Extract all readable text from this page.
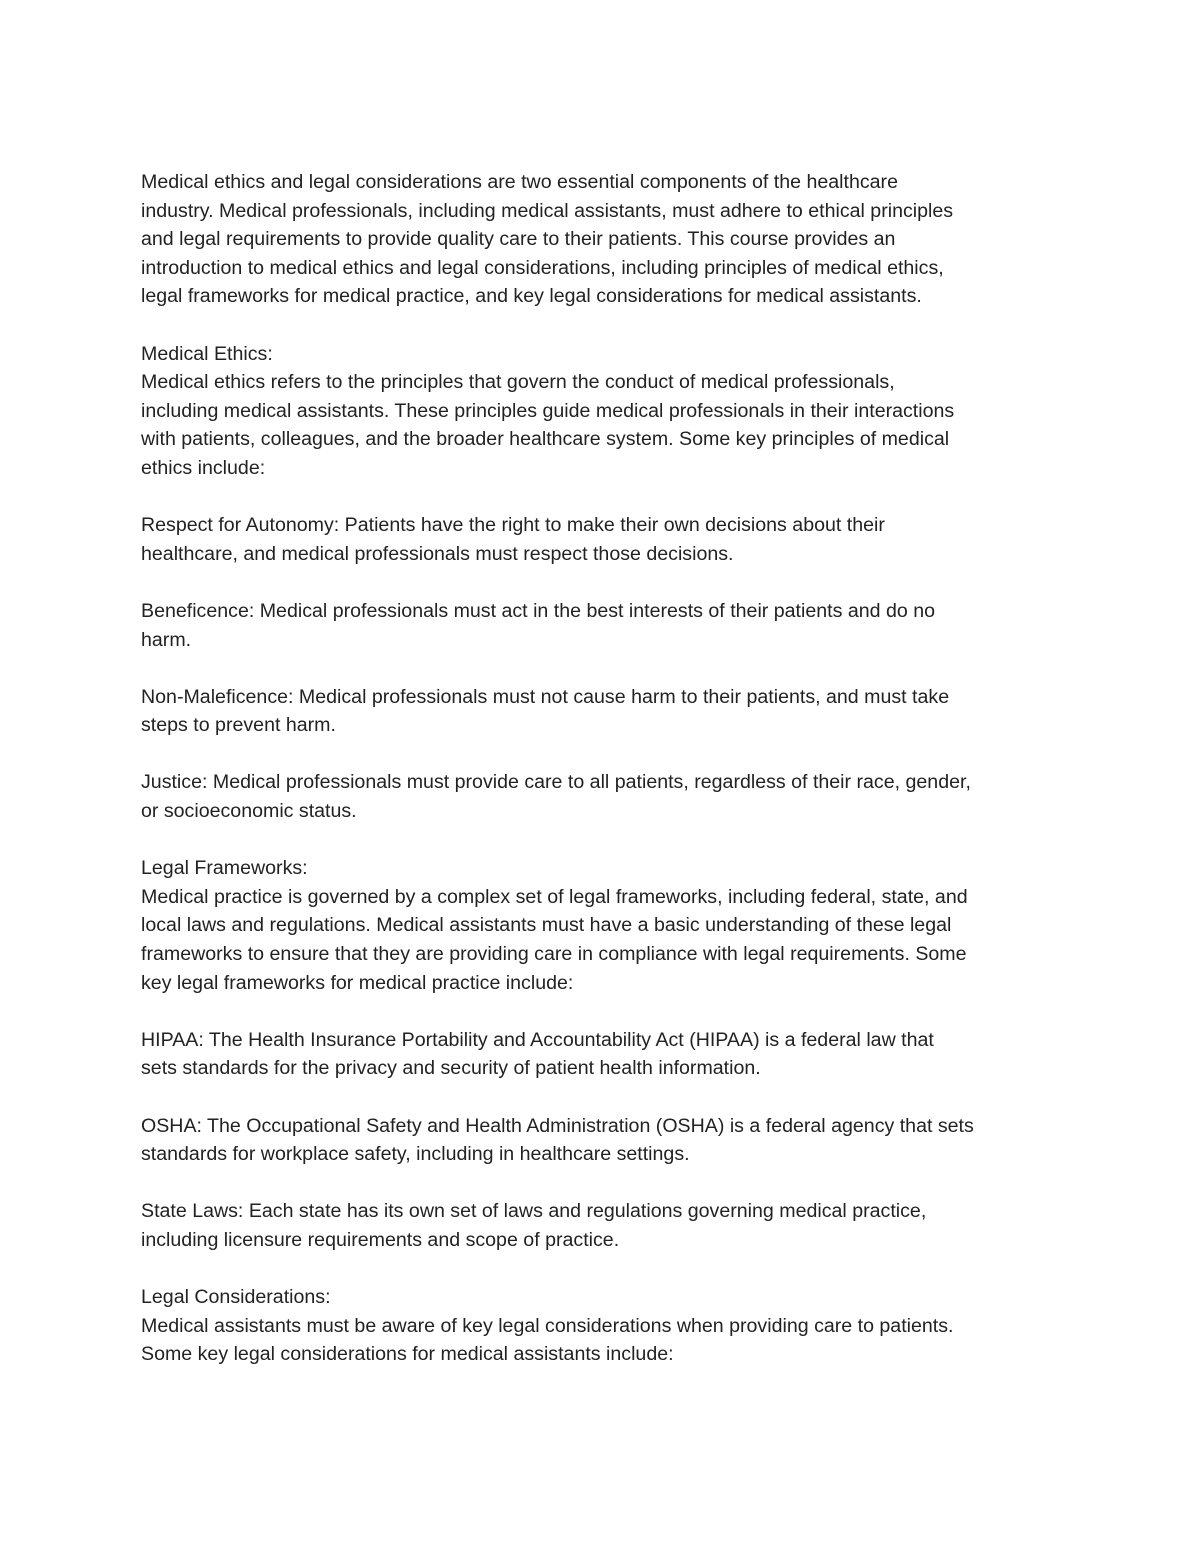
Medical ethics and legal considerations are two essential components of the healthcare
industry. Medical professionals, including medical assistants, must adhere to ethical principles
and legal requirements to provide quality care to their patients. This course provides an
introduction to medical ethics and legal considerations, including principles of medical ethics,
legal frameworks for medical practice, and key legal considerations for medical assistants.
Medical Ethics:
Medical ethics refers to the principles that govern the conduct of medical professionals,
including medical assistants. These principles guide medical professionals in their interactions
with patients, colleagues, and the broader healthcare system. Some key principles of medical
ethics include:
Respect for Autonomy: Patients have the right to make their own decisions about their
healthcare, and medical professionals must respect those decisions.
Beneficence: Medical professionals must act in the best interests of their patients and do no
harm.
Non-Maleficence: Medical professionals must not cause harm to their patients, and must take
steps to prevent harm.
Justice: Medical professionals must provide care to all patients, regardless of their race, gender,
or socioeconomic status.
Legal Frameworks:
Medical practice is governed by a complex set of legal frameworks, including federal, state, and
local laws and regulations. Medical assistants must have a basic understanding of these legal
frameworks to ensure that they are providing care in compliance with legal requirements. Some
key legal frameworks for medical practice include:
HIPAA: The Health Insurance Portability and Accountability Act (HIPAA) is a federal law that
sets standards for the privacy and security of patient health information.
OSHA: The Occupational Safety and Health Administration (OSHA) is a federal agency that sets
standards for workplace safety, including in healthcare settings.
State Laws: Each state has its own set of laws and regulations governing medical practice,
including licensure requirements and scope of practice.
Legal Considerations:
Medical assistants must be aware of key legal considerations when providing care to patients.
Some key legal considerations for medical assistants include:
